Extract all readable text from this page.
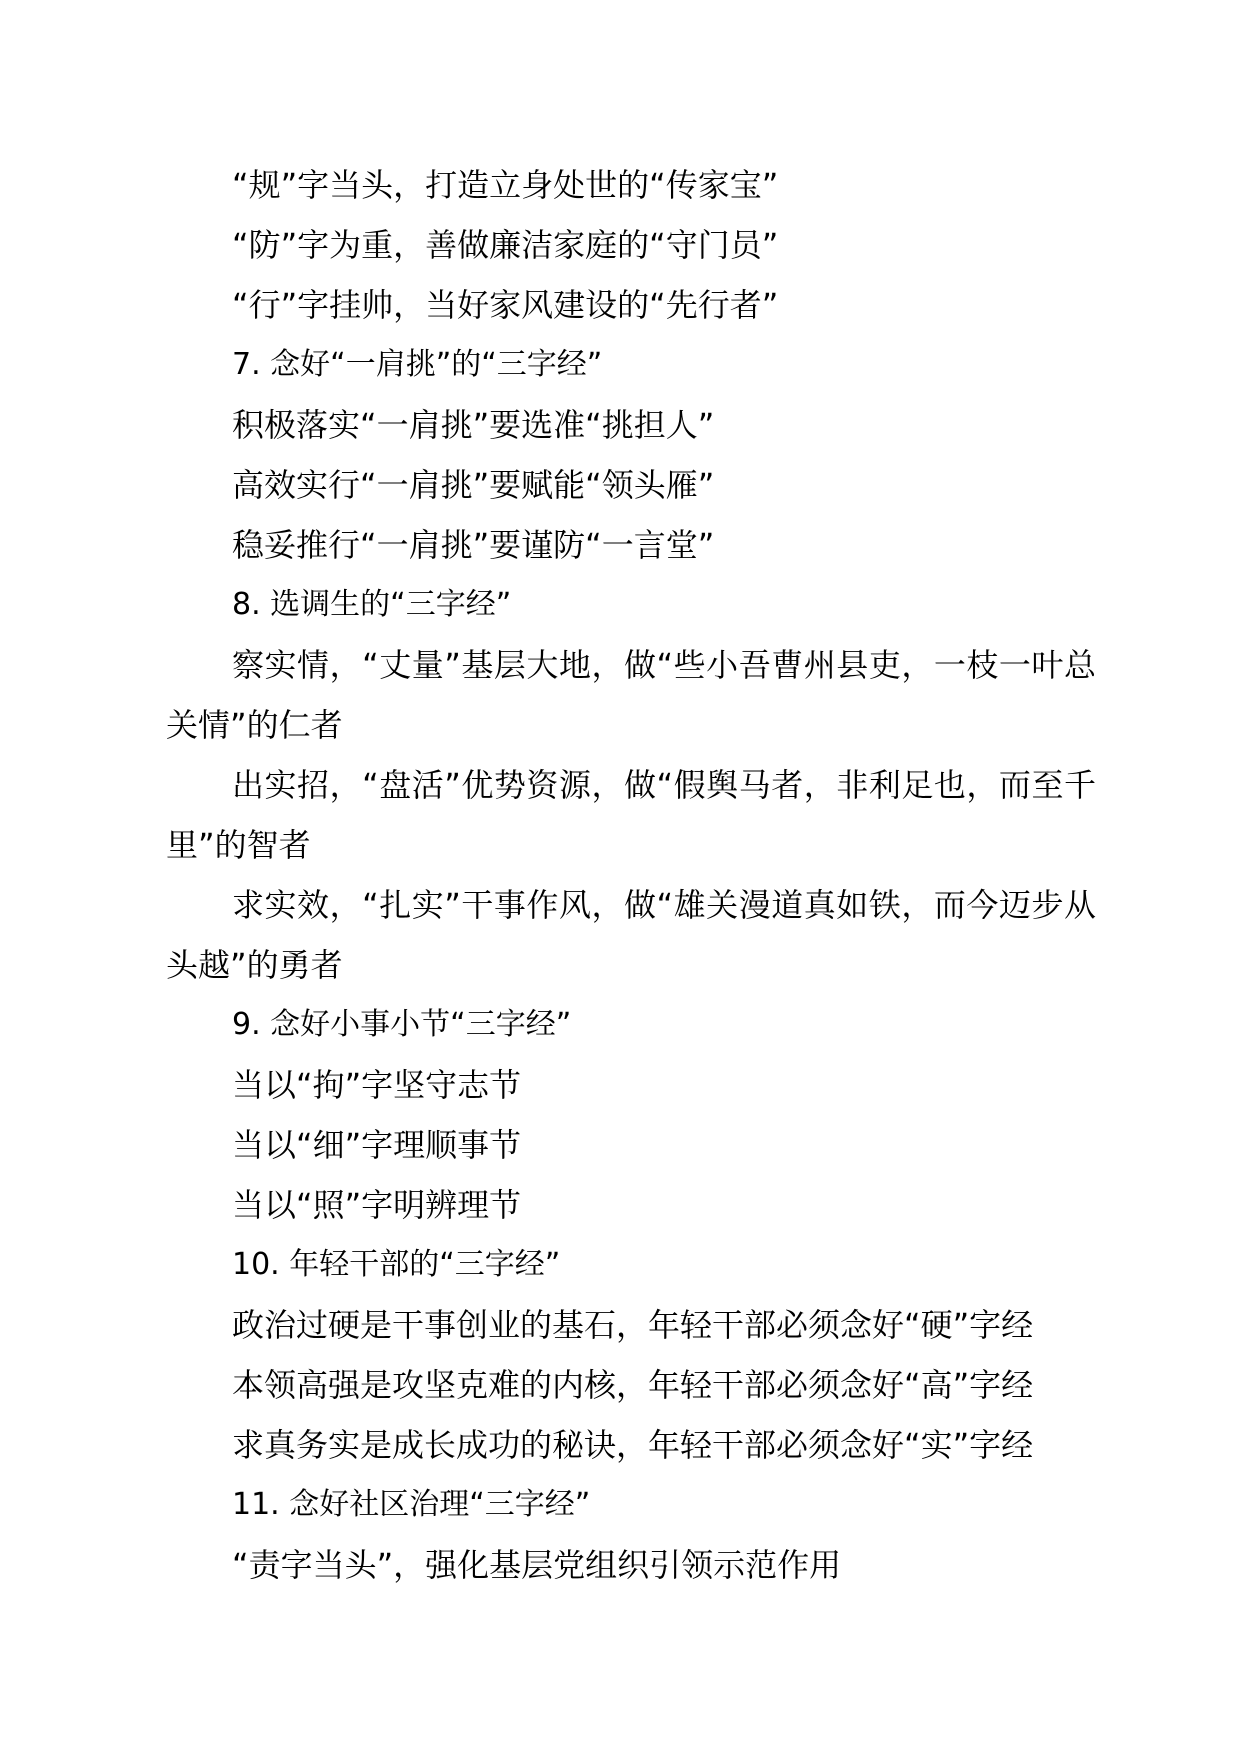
“规”字当头，打造立身处世的“传家宝”

“防”字为重，善做廉洁家庭的“守门员”

“行”字挂帅，当好家风建设的“先行者”

7. 念好“一肩挑”的“三字经”

积极落实“一肩挑”要选准“挑担人”

高效实行“一肩挑”要赋能“领头雁”

稳妥推行“一肩挑”要谨防“一言堂”

8. 选调生的“三字经”

察实情，“丈量”基层大地，做“些小吾曹州县吏，一枝一叶总关情”的仁者

出实招，“盘活”优势资源，做“假舆马者，非利足也，而至千里”的智者

求实效，“扎实”干事作风，做“雄关漫道真如铁，而今迈步从头越”的勇者

9. 念好小事小节“三字经”

当以“拘”字坚守志节

当以“细”字理顺事节

当以“照”字明辨理节

10. 年轻干部的“三字经”

政治过硬是干事创业的基石，年轻干部必须念好“硬”字经

本领高强是攻坚克难的内核，年轻干部必须念好“高”字经

求真务实是成长成功的秘诀，年轻干部必须念好“实”字经

11. 念好社区治理“三字经”

“责字当头”，强化基层党组织引领示范作用
